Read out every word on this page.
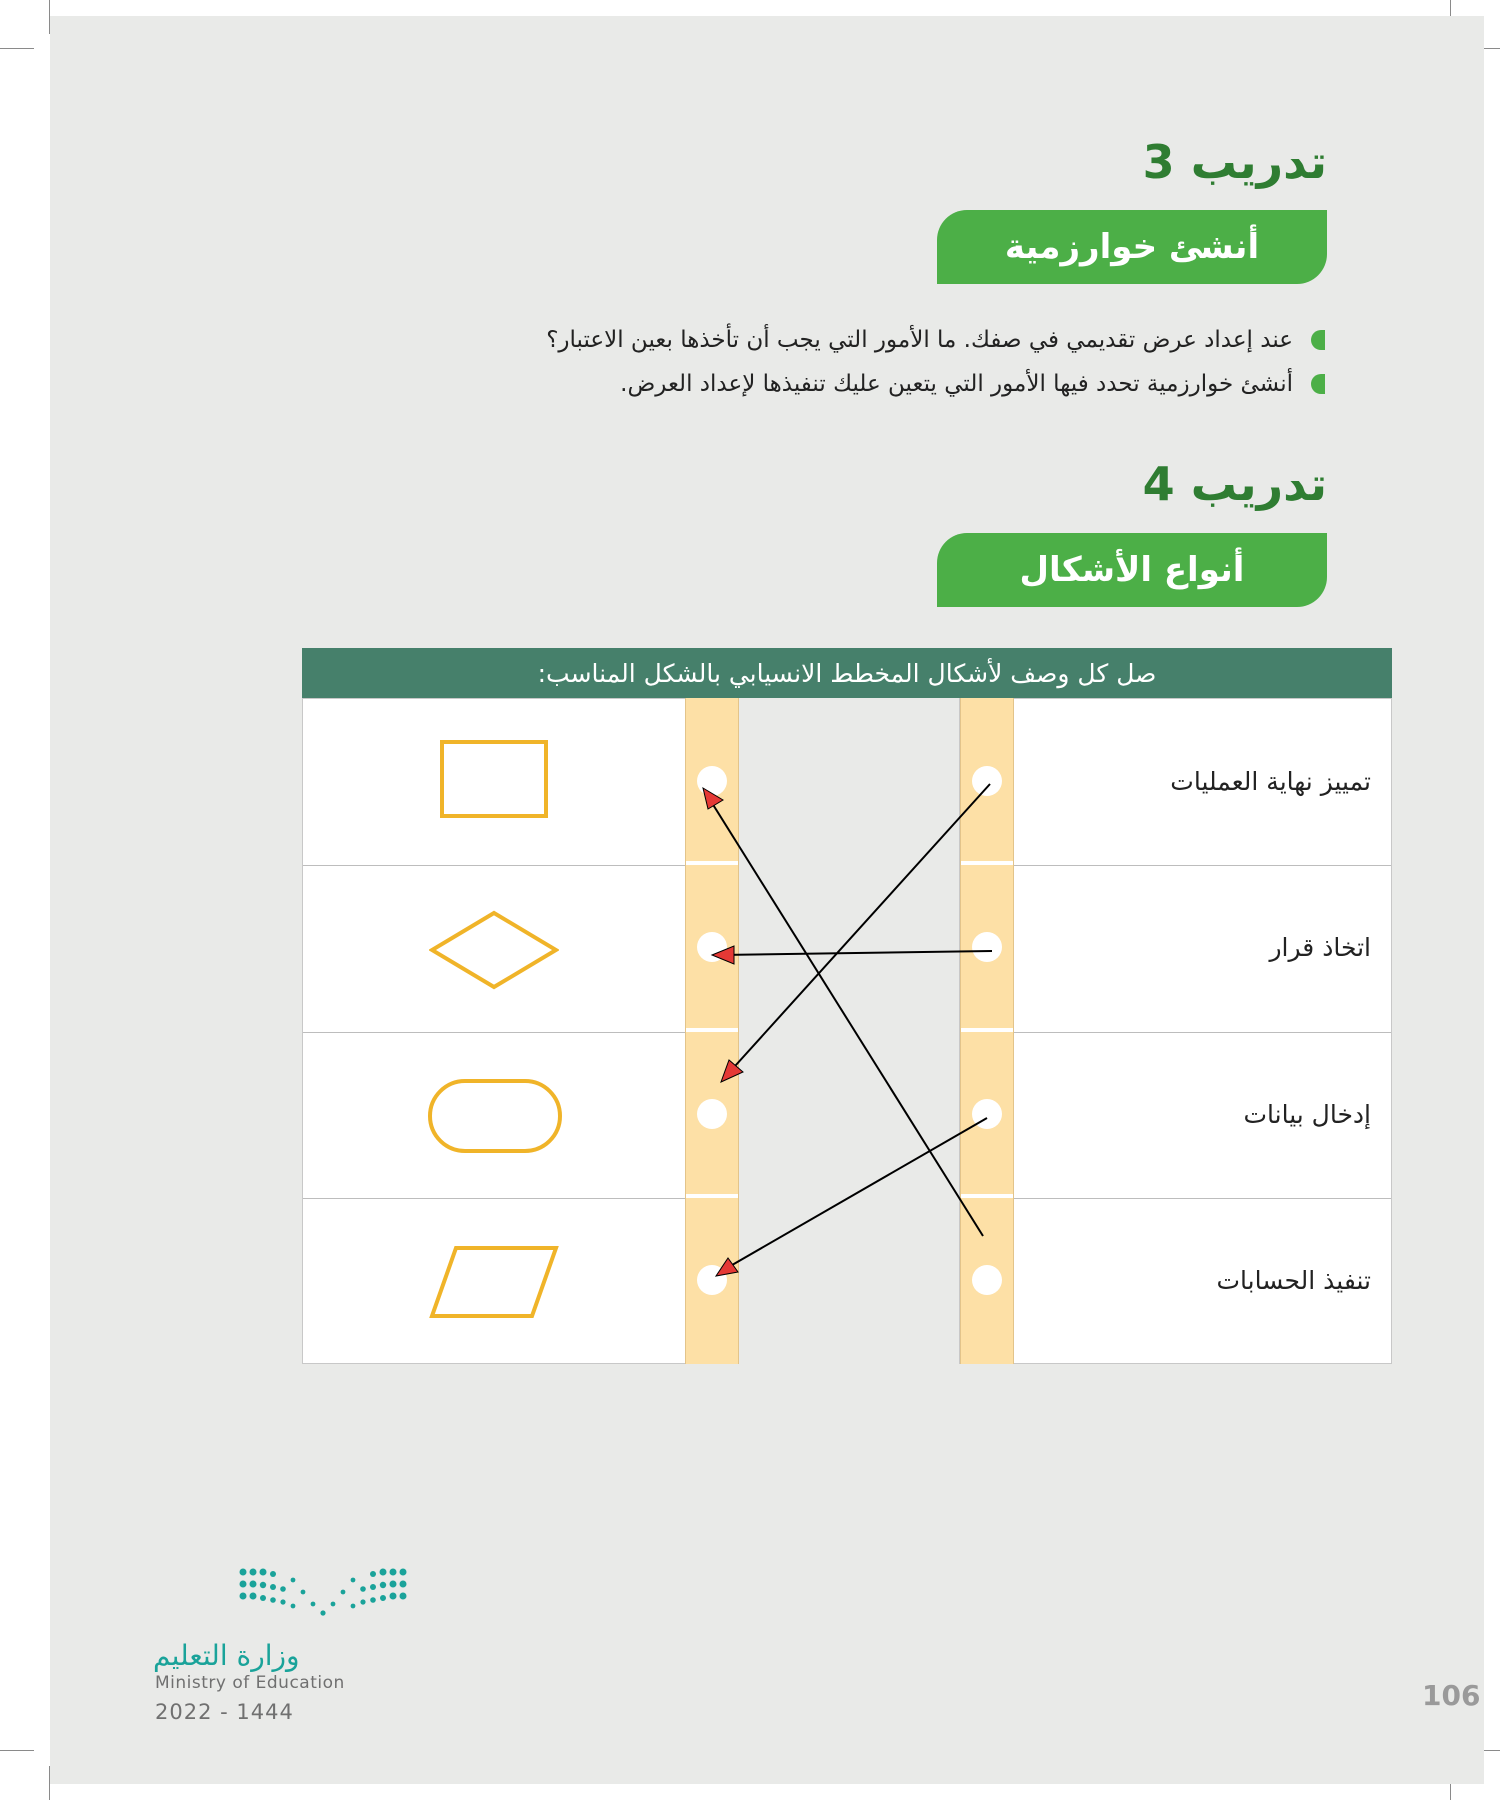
تدريب 3
أنشئ خوارزمية
عند إعداد عرض تقديمي في صفك. ما الأمور التي يجب أن تأخذها بعين الاعتبار؟
أنشئ خوارزمية تحدد فيها الأمور التي يتعين عليك تنفيذها لإعداد العرض.
تدريب 4
أنواع الأشكال
صل كل وصف لأشكال المخطط الانسيابي بالشكل المناسب:
تمييز نهاية العمليات
اتخاذ قرار
إدخال بيانات
تنفيذ الحسابات
وزارة التعليم
Ministry of Education
2022 - 1444	106
